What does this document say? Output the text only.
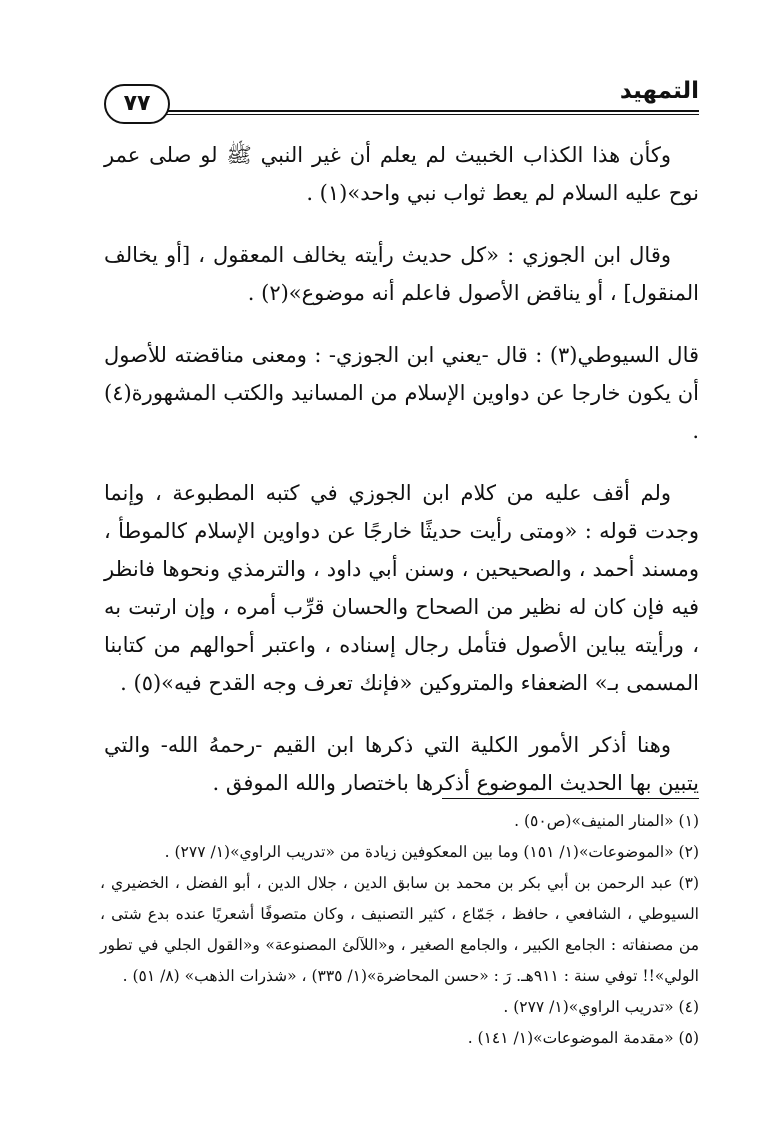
التمهيد
٧٧

وكأن هذا الكذاب الخبيث لم يعلم أن غير النبي ﷺ لو صلى عمر نوح عليه السلام لم يعط ثواب نبي واحد»(١) .

وقال ابن الجوزي : «كل حديث رأيته يخالف المعقول ، [أو يخالف المنقول] ، أو يناقض الأصول فاعلم أنه موضوع»(٢) .

قال السيوطي(٣) : قال -يعني ابن الجوزي- : ومعنى مناقضته للأصول أن يكون خارجا عن دواوين الإسلام من المسانيد والكتب المشهورة(٤) .

ولم أقف عليه من كلام ابن الجوزي في كتبه المطبوعة ، وإنما وجدت قوله : «ومتى رأيت حديثًا خارجًا عن دواوين الإسلام كالموطأ ، ومسند أحمد ، والصحيحين ، وسنن أبي داود ، والترمذي ونحوها فانظر فيه فإن كان له نظير من الصحاح والحسان قرِّب أمره ، وإن ارتبت به ، ورأيته يباين الأصول فتأمل رجال إسناده ، واعتبر أحوالهم من كتابنا المسمى بـ» الضعفاء والمتروكين «فإنك تعرف وجه القدح فيه»(٥) .

وهنا أذكر الأمور الكلية التي ذكرها ابن القيم -رحمهُ الله- والتي يتبين بها الحديث الموضوع أذكرها باختصار والله الموفق .

(١) «المنار المنيف»(ص٥٠) .

(٢) «الموضوعات»(١/ ١٥١) وما بين المعكوفين زيادة من «تدريب الراوي»(١/ ٢٧٧) .

(٣) عبد الرحمن بن أبي بكر بن محمد بن سابق الدين ، جلال الدين ، أبو الفضل ، الخضيري ، السيوطي ، الشافعي ، حافظ ، جَمّاع ، كثير التصنيف ، وكان متصوفًا أشعريًا عنده بدع شتى ، من مصنفاته : الجامع الكبير ، والجامع الصغير ، و«اللآلئ المصنوعة» و«القول الجلي في تطور الولي»!! توفي سنة : ٩١١هـ. رَ : «حسن المحاضرة»(١/ ٣٣٥) ، «شذرات الذهب» (٨/ ٥١) .

(٤) «تدريب الراوي»(١/ ٢٧٧) .

(٥) «مقدمة الموضوعات»(١/ ١٤١) .
